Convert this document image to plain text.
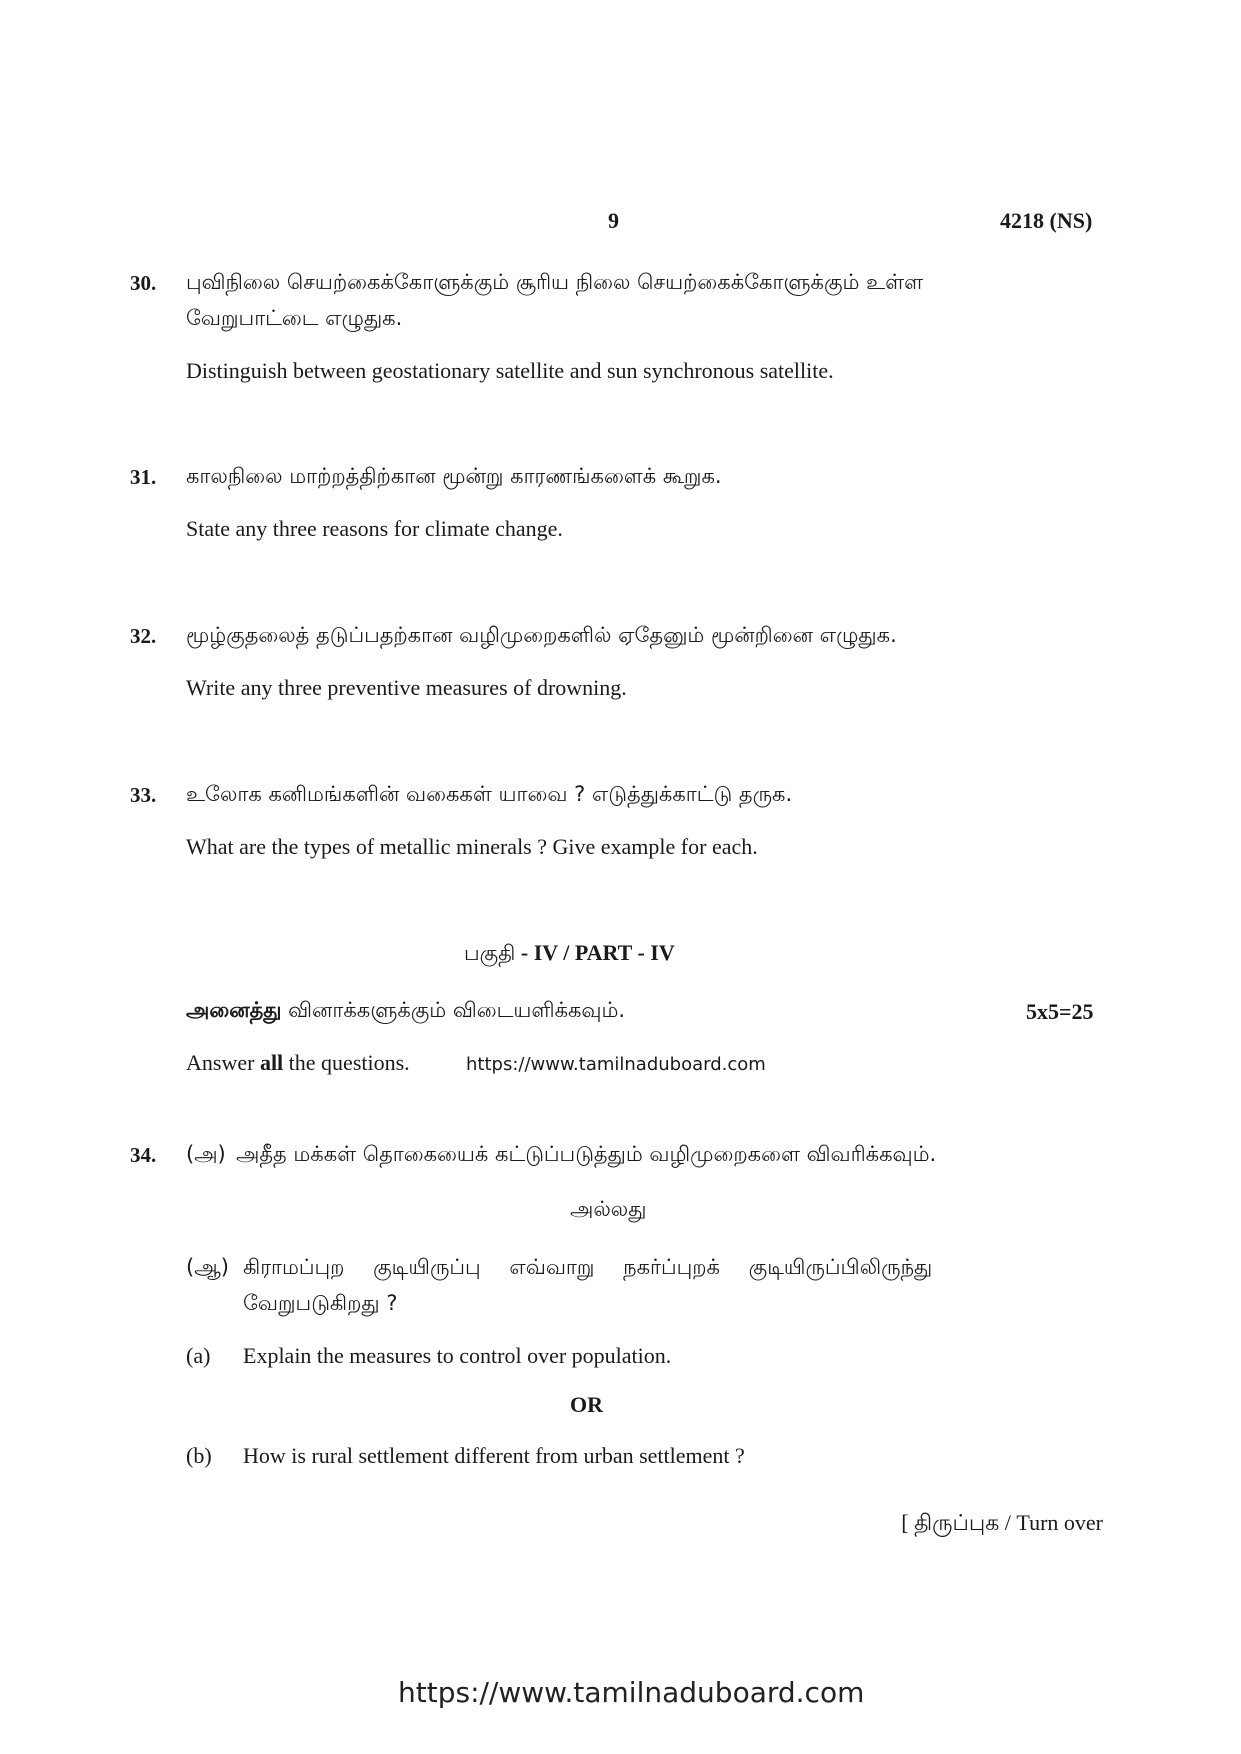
9	4218 (NS)
30. புவிநிலை செயற்கைக்கோளுக்கும் சூரிய நிலை செயற்கைக்கோளுக்கும் உள்ள
வேறுபாட்டை எழுதுக.
Distinguish between geostationary satellite and sun synchronous satellite.
31. காலநிலை மாற்றத்திற்கான மூன்று காரணங்களைக் கூறுக.
State any three reasons for climate change.
32. மூழ்குதலைத் தடுப்பதற்கான வழிமுறைகளில் ஏதேனும் மூன்றினை எழுதுக.
Write any three preventive measures of drowning.
33. உலோக கனிமங்களின் வகைகள் யாவை ? எடுத்துக்காட்டு தருக.
What are the types of metallic minerals ? Give example for each.
பகுதி - IV / PART - IV
அனைத்து வினாக்களுக்கும் விடையளிக்கவும்.	5x5=25
Answer all the questions.	https://www.tamilnaduboard.com
34. (அ) அதீத மக்கள் தொகையைக் கட்டுப்படுத்தும் வழிமுறைகளை விவரிக்கவும்.
அல்லது
(ஆ) கிராமப்புற குடியிருப்பு எவ்வாறு நகர்ப்புறக் குடியிருப்பிலிருந்து
வேறுபடுகிறது ?
(a) Explain the measures to control over population.
OR
(b) How is rural settlement different from urban settlement ?
[ திருப்புக / Turn over
https://www.tamilnaduboard.com
